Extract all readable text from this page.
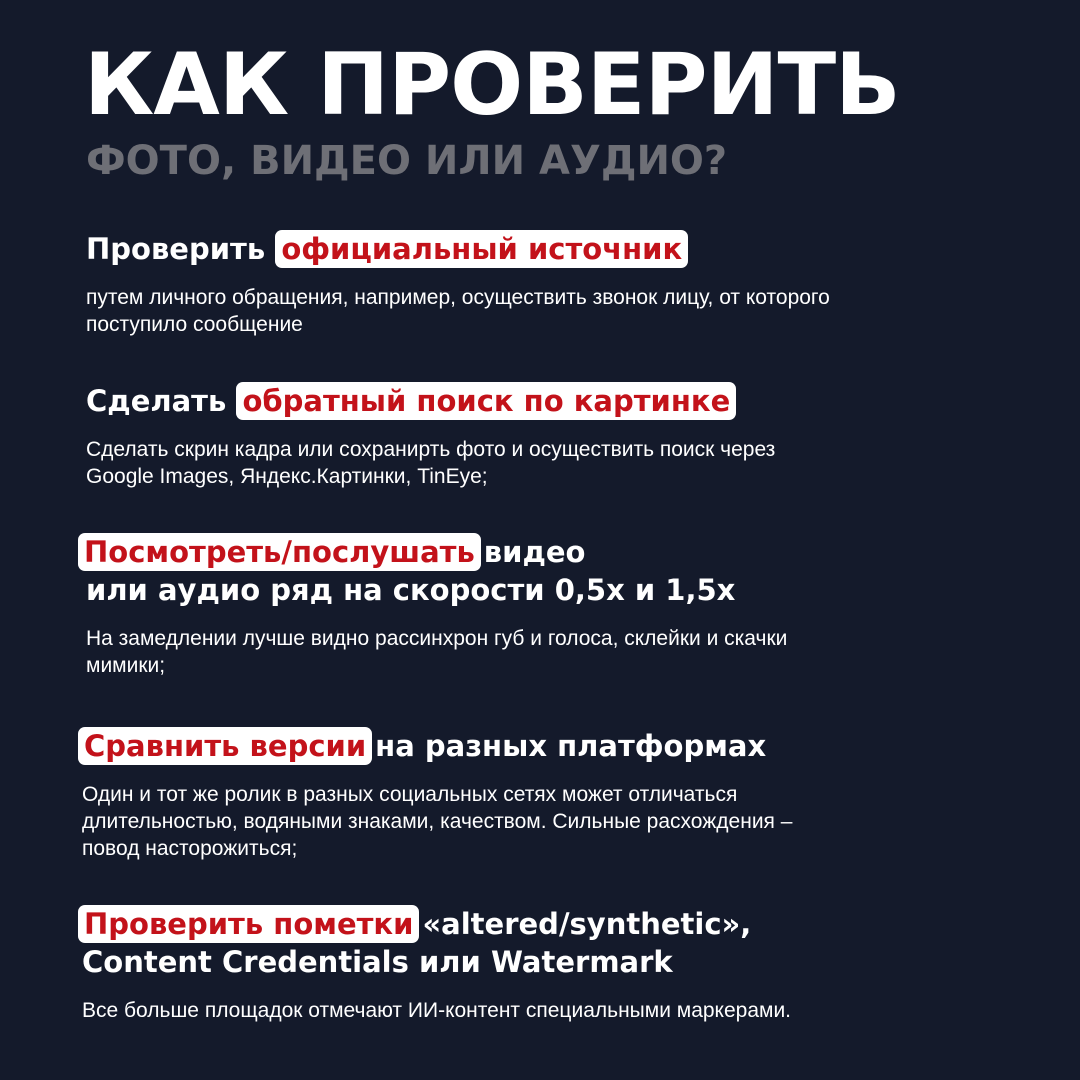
КАК ПРОВЕРИТЬ
ФОТО, ВИДЕО ИЛИ АУДИО?

Проверить официальный источник

путем личного обращения, например, осуществить звонок лицу, от которого поступило сообщение

Сделать обратный поиск по картинке

Сделать скрин кадра или сохранирть фото и осуществить поиск через Google Images, Яндекс.Картинки, TinEye;

Посмотреть/послушать видео

или аудио ряд на скорости 0,5х и 1,5х

На замедлении лучше видно рассинхрон губ и голоса, склейки и скачки мимики;

Сравнить версии на разных платформах

Один и тот же ролик в разных социальных сетях может отличаться длительностью, водяными знаками, качеством. Сильные расхождения – повод насторожиться;

Проверить пометки «altered/synthetic»,

Content Credentials или Watermark

Все больше площадок отмечают ИИ-контент специальными маркерами.
